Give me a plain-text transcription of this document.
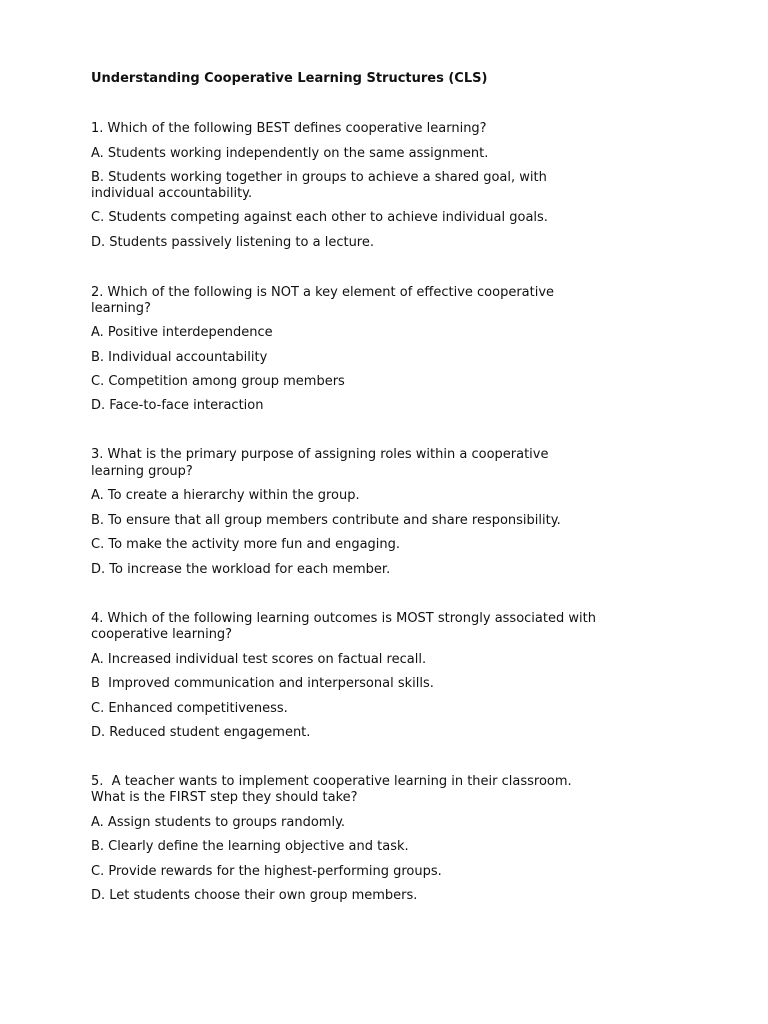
Understanding Cooperative Learning Structures (CLS)
1. Which of the following BEST defines cooperative learning?
A. Students working independently on the same assignment.
B. Students working together in groups to achieve a shared goal, with
individual accountability.
C. Students competing against each other to achieve individual goals.
D. Students passively listening to a lecture.
2. Which of the following is NOT a key element of effective cooperative
learning?
A. Positive interdependence
B. Individual accountability
C. Competition among group members
D. Face-to-face interaction
3. What is the primary purpose of assigning roles within a cooperative
learning group?
A. To create a hierarchy within the group.
B. To ensure that all group members contribute and share responsibility.
C. To make the activity more fun and engaging.
D. To increase the workload for each member.
4. Which of the following learning outcomes is MOST strongly associated with
cooperative learning?
A. Increased individual test scores on factual recall.
B  Improved communication and interpersonal skills.
C. Enhanced competitiveness.
D. Reduced student engagement.
5.  A teacher wants to implement cooperative learning in their classroom.
What is the FIRST step they should take?
A. Assign students to groups randomly.
B. Clearly define the learning objective and task.
C. Provide rewards for the highest-performing groups.
D. Let students choose their own group members.
